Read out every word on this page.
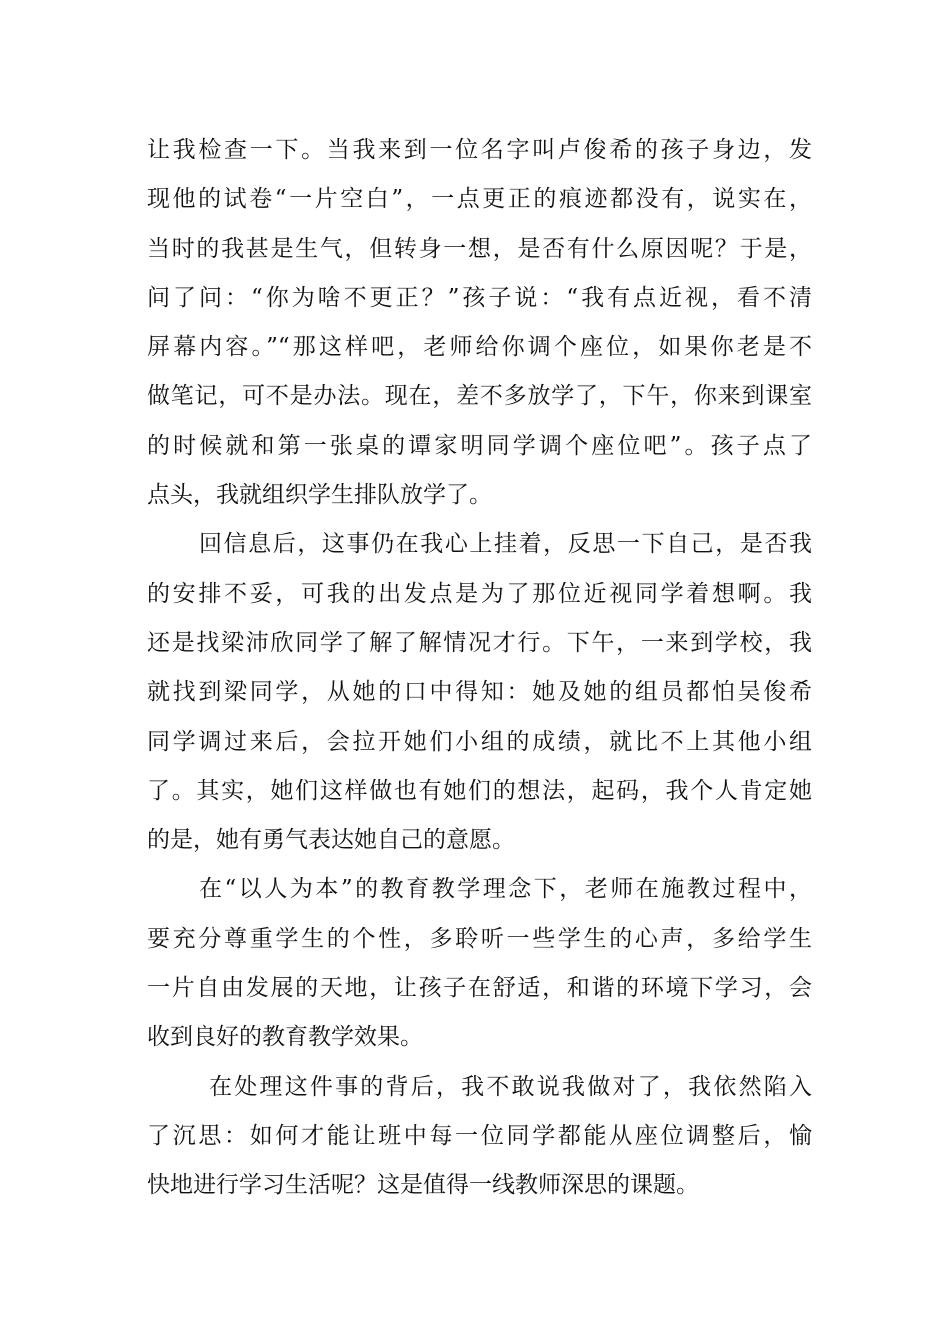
让我检查一下。当我来到一位名字叫卢俊希的孩子身边，发
现他的试卷“一片空白”，一点更正的痕迹都没有，说实在，
当时的我甚是生气，但转身一想，是否有什么原因呢？于是，
问了问：“你为啥不更正？”孩子说：“我有点近视，看不清
屏幕内容。”“那这样吧，老师给你调个座位，如果你老是不
做笔记，可不是办法。现在，差不多放学了，下午，你来到课室
的时候就和第一张桌的谭家明同学调个座位吧”。孩子点了
点头，我就组织学生排队放学了。
回信息后，这事仍在我心上挂着，反思一下自己，是否我
的安排不妥，可我的出发点是为了那位近视同学着想啊。我
还是找梁沛欣同学了解了解情况才行。下午，一来到学校，我
就找到梁同学，从她的口中得知：她及她的组员都怕吴俊希
同学调过来后，会拉开她们小组的成绩，就比不上其他小组
了。其实，她们这样做也有她们的想法，起码，我个人肯定她
的是，她有勇气表达她自己的意愿。
在“以人为本”的教育教学理念下，老师在施教过程中，
要充分尊重学生的个性，多聆听一些学生的心声，多给学生
一片自由发展的天地，让孩子在舒适，和谐的环境下学习，会
收到良好的教育教学效果。
在处理这件事的背后，我不敢说我做对了，我依然陷入
了沉思：如何才能让班中每一位同学都能从座位调整后，愉
快地进行学习生活呢？这是值得一线教师深思的课题。
